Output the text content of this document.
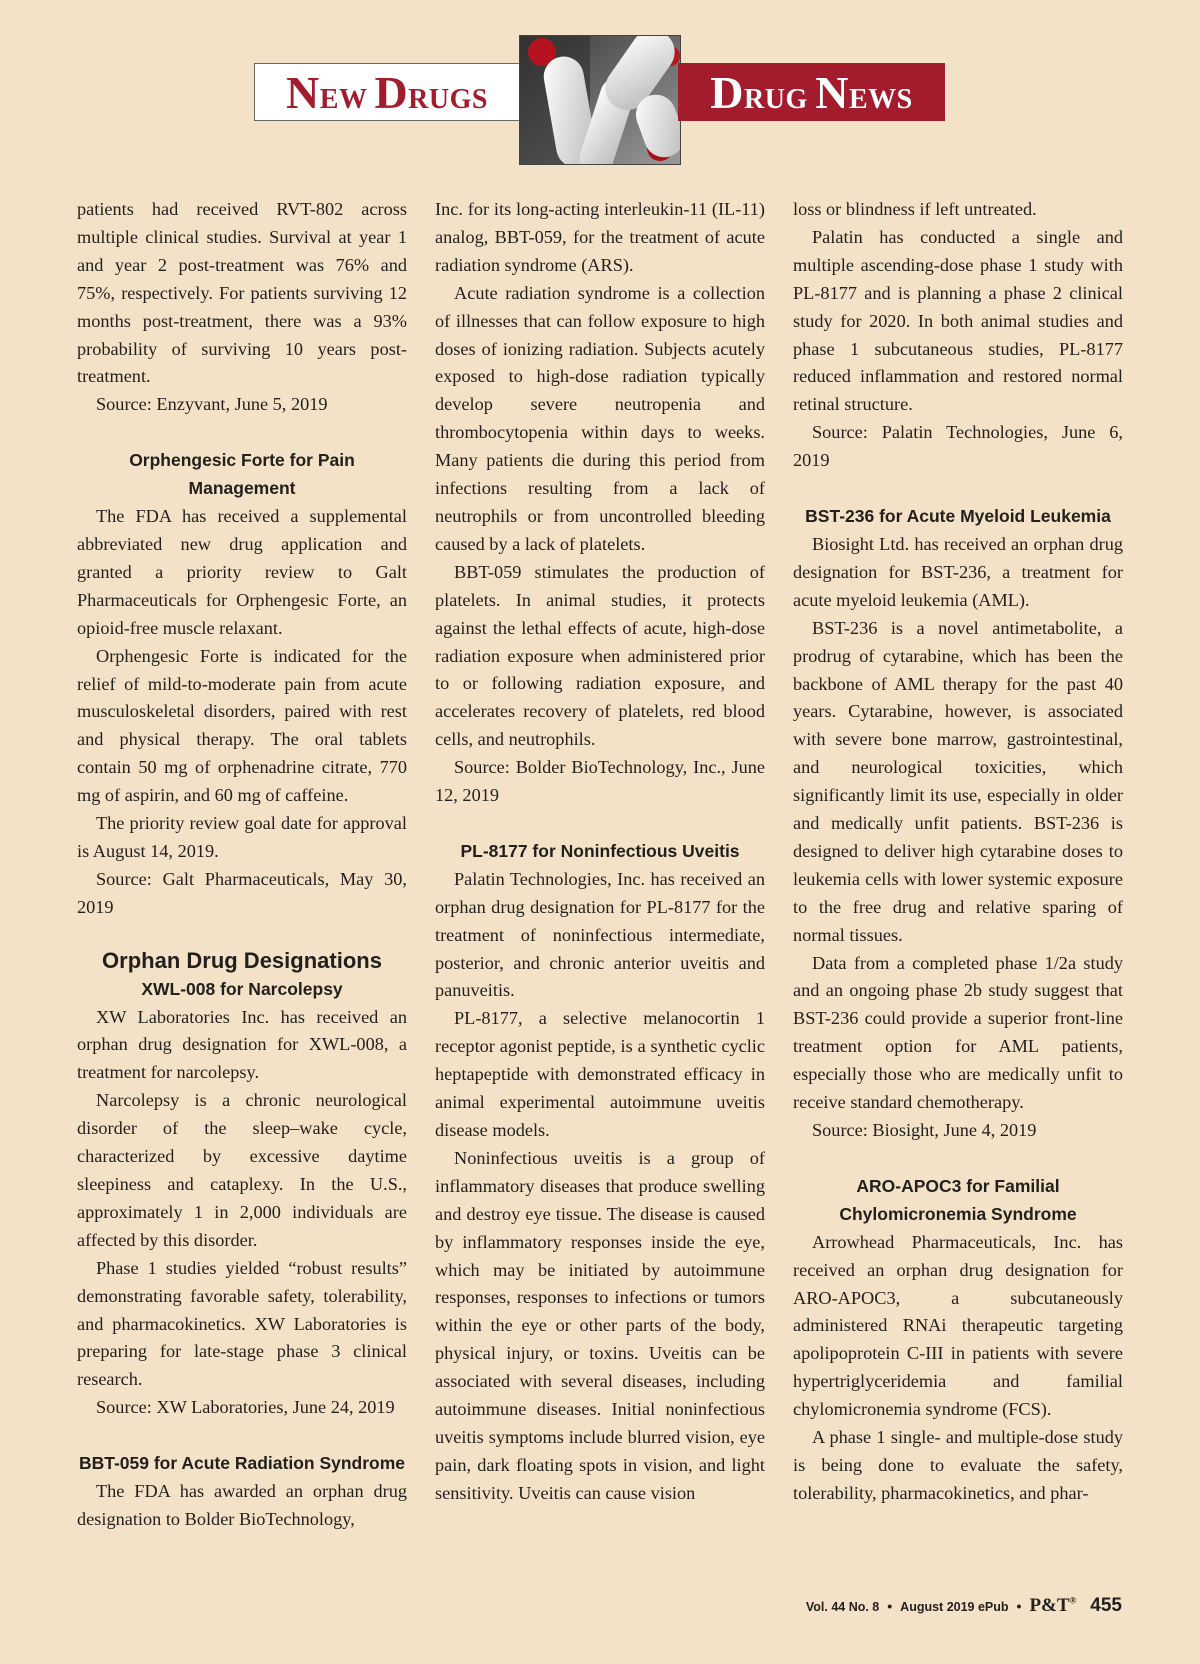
NEW DRUGS	DRUG NEWS

patients had received RVT-802 across multiple clinical studies. Survival at year 1 and year 2 post-treatment was 76% and 75%, respectively. For patients surviving 12 months post-treatment, there was a 93% probability of surviving 10 years post-treatment.

Source: Enzyvant, June 5, 2019

Orphengesic Forte for Pain Management

The FDA has received a supplemental abbreviated new drug application and granted a priority review to Galt Pharmaceuticals for Orphengesic Forte, an opioid-free muscle relaxant.

Orphengesic Forte is indicated for the relief of mild-to-moderate pain from acute musculoskeletal disorders, paired with rest and physical therapy. The oral tablets contain 50 mg of orphenadrine citrate, 770 mg of aspirin, and 60 mg of caffeine.

The priority review goal date for approval is August 14, 2019.

Source: Galt Pharmaceuticals, May 30, 2019

Orphan Drug Designations
XWL-008 for Narcolepsy

XW Laboratories Inc. has received an orphan drug designation for XWL-008, a treatment for narcolepsy.

Narcolepsy is a chronic neurological disorder of the sleep–wake cycle, characterized by excessive daytime sleepiness and cataplexy. In the U.S., approximately 1 in 2,000 individuals are affected by this disorder.

Phase 1 studies yielded “robust results” demonstrating favorable safety, tolerability, and pharmacokinetics. XW Laboratories is preparing for late-stage phase 3 clinical research.

Source: XW Laboratories, June 24, 2019

BBT-059 for Acute Radiation Syndrome

The FDA has awarded an orphan drug designation to Bolder BioTechnology,

Inc. for its long-acting interleukin-11 (IL-11) analog, BBT-059, for the treatment of acute radiation syndrome (ARS).

Acute radiation syndrome is a collection of illnesses that can follow exposure to high doses of ionizing radiation. Subjects acutely exposed to high-dose radiation typically develop severe neutropenia and thrombocytopenia within days to weeks. Many patients die during this period from infections resulting from a lack of neutrophils or from uncontrolled bleeding caused by a lack of platelets.

BBT-059 stimulates the production of platelets. In animal studies, it protects against the lethal effects of acute, high-dose radiation exposure when administered prior to or following radiation exposure, and accelerates recovery of platelets, red blood cells, and neutrophils.

Source: Bolder BioTechnology, Inc., June 12, 2019

PL-8177 for Noninfectious Uveitis

Palatin Technologies, Inc. has received an orphan drug designation for PL-8177 for the treatment of noninfectious intermediate, posterior, and chronic anterior uveitis and panuveitis.

PL-8177, a selective melanocortin 1 receptor agonist peptide, is a synthetic cyclic heptapeptide with demonstrated efficacy in animal experimental autoimmune uveitis disease models.

Noninfectious uveitis is a group of inflammatory diseases that produce swelling and destroy eye tissue. The disease is caused by inflammatory responses inside the eye, which may be initiated by autoimmune responses, responses to infections or tumors within the eye or other parts of the body, physical injury, or toxins. Uveitis can be associated with several diseases, including autoimmune diseases. Initial noninfectious uveitis symptoms include blurred vision, eye pain, dark floating spots in vision, and light sensitivity. Uveitis can cause vision

loss or blindness if left untreated.

Palatin has conducted a single and multiple ascending-dose phase 1 study with PL-8177 and is planning a phase 2 clinical study for 2020. In both animal studies and phase 1 subcutaneous studies, PL-8177 reduced inflammation and restored normal retinal structure.

Source: Palatin Technologies, June 6, 2019

BST-236 for Acute Myeloid Leukemia

Biosight Ltd. has received an orphan drug designation for BST-236, a treatment for acute myeloid leukemia (AML).

BST-236 is a novel antimetabolite, a prodrug of cytarabine, which has been the backbone of AML therapy for the past 40 years. Cytarabine, however, is associated with severe bone marrow, gastrointestinal, and neurological toxicities, which significantly limit its use, especially in older and medically unfit patients. BST-236 is designed to deliver high cytarabine doses to leukemia cells with lower systemic exposure to the free drug and relative sparing of normal tissues.

Data from a completed phase 1/2a study and an ongoing phase 2b study suggest that BST-236 could provide a superior front-line treatment option for AML patients, especially those who are medically unfit to receive standard chemotherapy.

Source: Biosight, June 4, 2019

ARO-APOC3 for Familial Chylomicronemia Syndrome

Arrowhead Pharmaceuticals, Inc. has received an orphan drug designation for ARO-APOC3, a subcutaneously administered RNAi therapeutic targeting apolipoprotein C-III in patients with severe hypertriglyceridemia and familial chylomicronemia syndrome (FCS).

A phase 1 single- and multiple-dose study is being done to evaluate the safety, tolerability, pharmacokinetics, and phar-

Vol. 44 No. 8 • August 2019 ePub • P&T® 455
